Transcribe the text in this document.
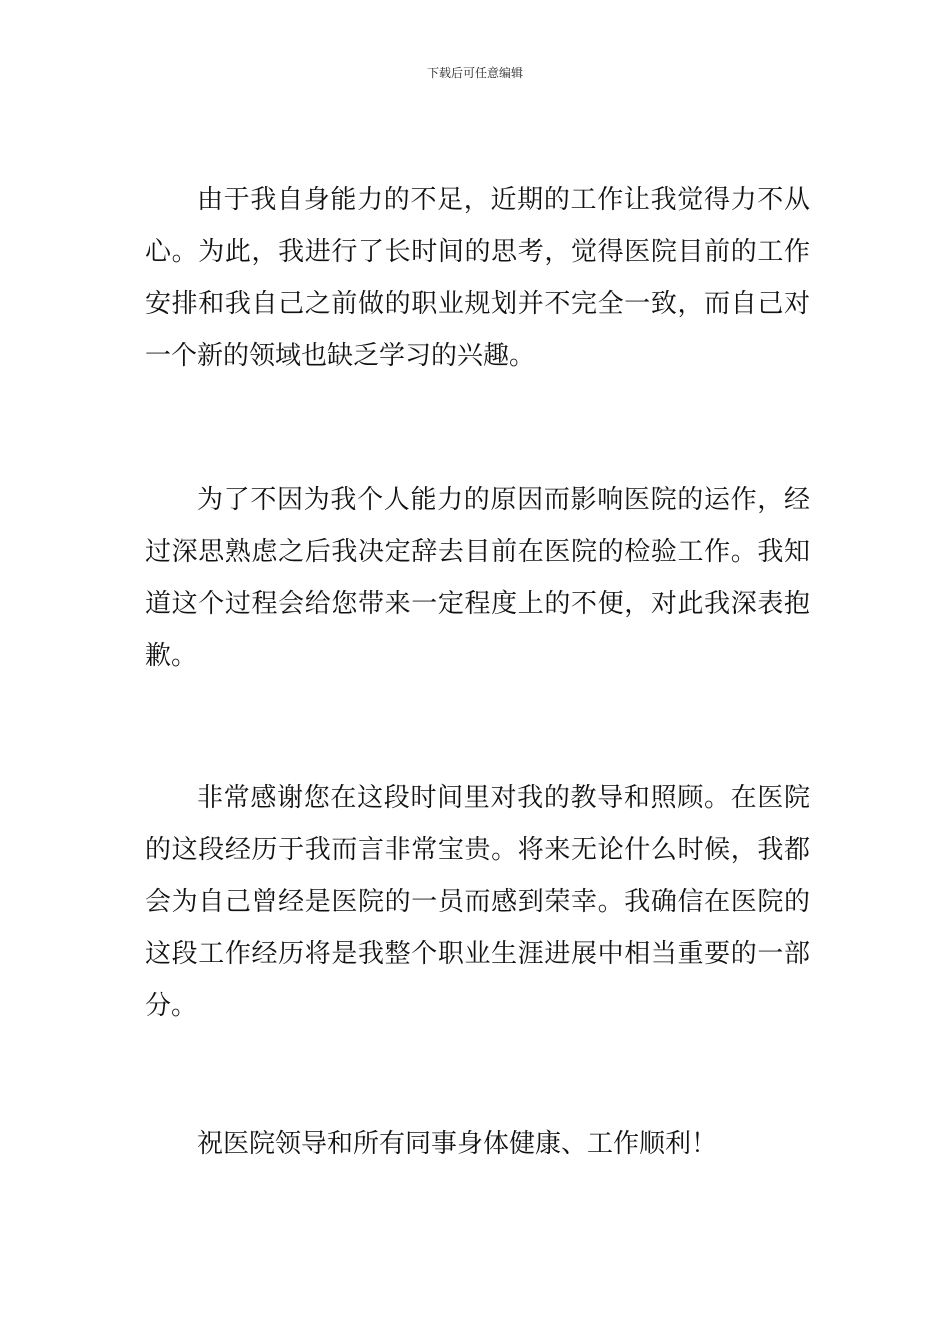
下载后可任意编辑

由于我自身能力的不足，近期的工作让我觉得力不从心。为此，我进行了长时间的思考，觉得医院目前的工作安排和我自己之前做的职业规划并不完全一致，而自己对一个新的领域也缺乏学习的兴趣。

为了不因为我个人能力的原因而影响医院的运作，经过深思熟虑之后我决定辞去目前在医院的检验工作。我知道这个过程会给您带来一定程度上的不便，对此我深表抱歉。

非常感谢您在这段时间里对我的教导和照顾。在医院的这段经历于我而言非常宝贵。将来无论什么时候，我都会为自己曾经是医院的一员而感到荣幸。我确信在医院的这段工作经历将是我整个职业生涯进展中相当重要的一部分。

祝医院领导和所有同事身体健康、工作顺利！
